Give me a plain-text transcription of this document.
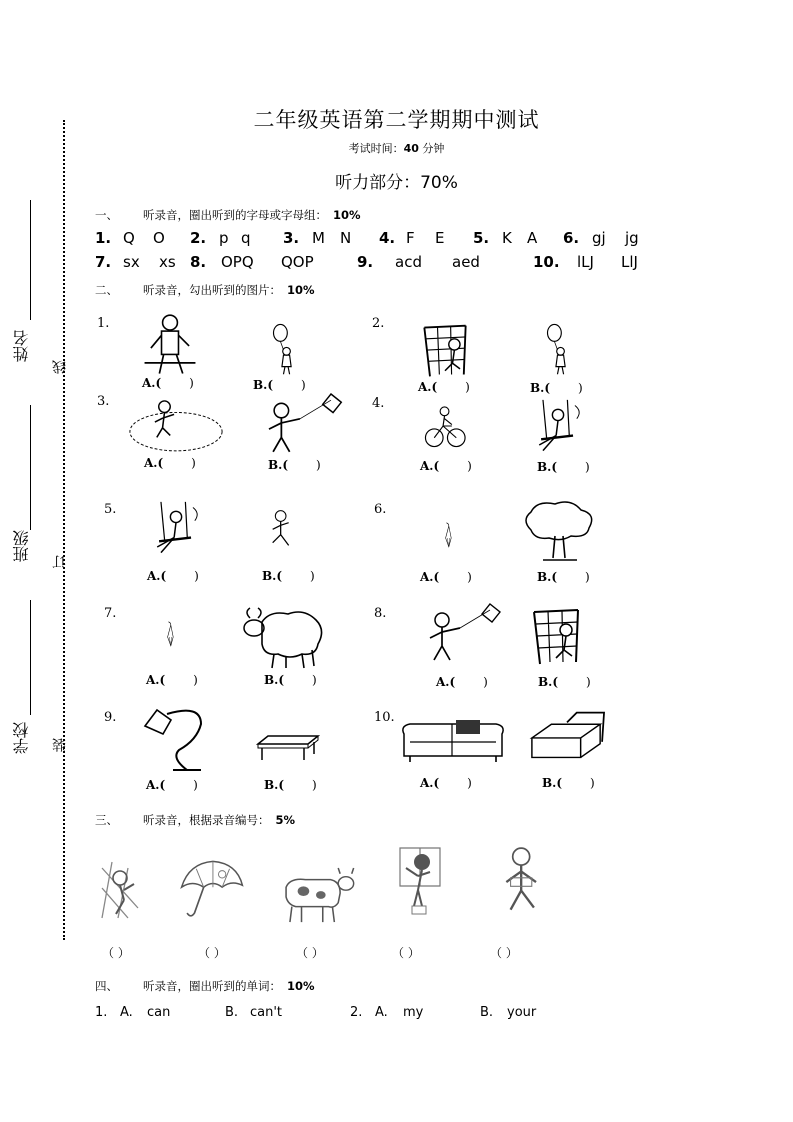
姓名
班级
学校
线
订
装
二年级英语第二学期期中测试
考试时间：40 分钟
听力部分：70%
一、 听录音，圈出听到的字母或字母组： 10%
1. Q O 2. p q 3. M N 4. F E 5. K A 6. gj jg
7. sx xs 8. OPQ QOP	9. acd aed	10. lLJ LlJ
二、 听录音，勾出听到的图片： 10%
1.
A.( )	B.( )
2.
A.( )	B.( )
3.
A.( )	B.( )
4.
A.( )	B.( )
5.
A.( )	B.( )
6.
A.( )	B.( )
7.
A.( )	B.( )
8.
A.( )	B.( )
9.
A.( )	B.( )
10.
A.( )	B.( )
三、 听录音，根据录音编号： 5%
（ ）	（ ）	（ ）	（ ）	（ ）
四、 听录音，圈出听到的单词： 10%
1. A. can	B. can't	2. A. my	B. your
